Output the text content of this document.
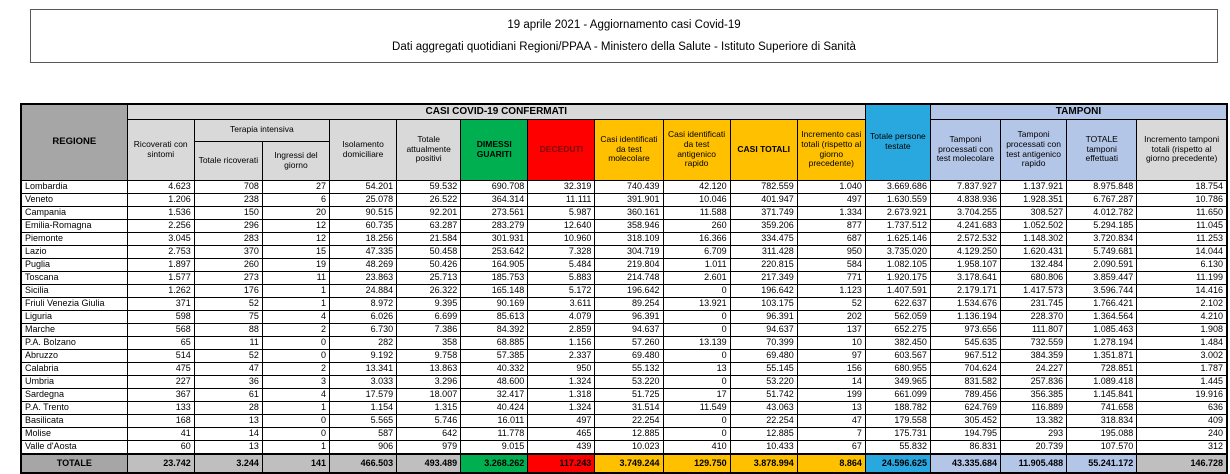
19 aprile 2021 - Aggiornamento casi Covid-19
Dati aggregati quotidiani Regioni/PPAA - Ministero della Salute - Istituto Superiore di Sanità
REGIONE	CASI COVID-19 CONFERMATI											Totale persone testate	TAMPONI			
	Ricoverati con sintomi	Terapia intensiva		Isolamento domiciliare	Totale attualmente positivi	DIMESSI GUARITI	DECEDUTI	Casi identificati da test molecolare	Casi identificati da test antigenico rapido	CASI TOTALI	Incremento casi totali (rispetto al giorno precedente)		Tamponi processati con test molecolare	Tamponi processati con test antigenico rapido	TOTALE tamponi effettuati	Incremento tamponi totali (rispetto al giorno precedente)
		Totale ricoverati	Ingressi del giorno													
Lombardia	4.623	708	27	54.201	59.532	690.708	32.319	740.439	42.120	782.559	1.040	3.669.686	7.837.927	1.137.921	8.975.848	18.754
Veneto	1.206	238	6	25.078	26.522	364.314	11.111	391.901	10.046	401.947	497	1.630.559	4.838.936	1.928.351	6.767.287	10.786
Campania	1.536	150	20	90.515	92.201	273.561	5.987	360.161	11.588	371.749	1.334	2.673.921	3.704.255	308.527	4.012.782	11.650
Emilia-Romagna	2.256	296	12	60.735	63.287	283.279	12.640	358.946	260	359.206	877	1.737.512	4.241.683	1.052.502	5.294.185	11.045
Piemonte	3.045	283	12	18.256	21.584	301.931	10.960	318.109	16.366	334.475	687	1.625.146	2.572.532	1.148.302	3.720.834	11.253
Lazio	2.753	370	15	47.335	50.458	253.642	7.328	304.719	6.709	311.428	950	3.735.020	4.129.250	1.620.431	5.749.681	14.044
Puglia	1.897	260	19	48.269	50.426	164.905	5.484	219.804	1.011	220.815	584	1.082.105	1.958.107	132.484	2.090.591	6.130
Toscana	1.577	273	11	23.863	25.713	185.753	5.883	214.748	2.601	217.349	771	1.920.175	3.178.641	680.806	3.859.447	11.199
Sicilia	1.262	176	1	24.884	26.322	165.148	5.172	196.642	0	196.642	1.123	1.407.591	2.179.171	1.417.573	3.596.744	14.416
Friuli Venezia Giulia	371	52	1	8.972	9.395	90.169	3.611	89.254	13.921	103.175	52	622.637	1.534.676	231.745	1.766.421	2.102
Liguria	598	75	4	6.026	6.699	85.613	4.079	96.391	0	96.391	202	562.059	1.136.194	228.370	1.364.564	4.210
Marche	568	88	2	6.730	7.386	84.392	2.859	94.637	0	94.637	137	652.275	973.656	111.807	1.085.463	1.908
P.A. Bolzano	65	11	0	282	358	68.885	1.156	57.260	13.139	70.399	10	382.450	545.635	732.559	1.278.194	1.484
Abruzzo	514	52	0	9.192	9.758	57.385	2.337	69.480	0	69.480	97	603.567	967.512	384.359	1.351.871	3.002
Calabria	475	47	2	13.341	13.863	40.332	950	55.132	13	55.145	156	680.955	704.624	24.227	728.851	1.787
Umbria	227	36	3	3.033	3.296	48.600	1.324	53.220	0	53.220	14	349.965	831.582	257.836	1.089.418	1.445
Sardegna	367	61	4	17.579	18.007	32.417	1.318	51.725	17	51.742	199	661.099	789.456	356.385	1.145.841	19.916
P.A. Trento	133	28	1	1.154	1.315	40.424	1.324	31.514	11.549	43.063	13	188.782	624.769	116.889	741.658	636
Basilicata	168	13	0	5.565	5.746	16.011	497	22.254	0	22.254	47	179.558	305.452	13.382	318.834	409
Molise	41	14	0	587	642	11.778	465	12.885	0	12.885	7	175.731	194.795	293	195.088	240
Valle d'Aosta	60	13	1	906	979	9.015	439	10.023	410	10.433	67	55.832	86.831	20.739	107.570	312
TOTALE	23.742	3.244	141	466.503	493.489	3.268.262	117.243	3.749.244	129.750	3.878.994	8.864	24.596.625	43.335.684	11.905.488	55.241.172	146.728
